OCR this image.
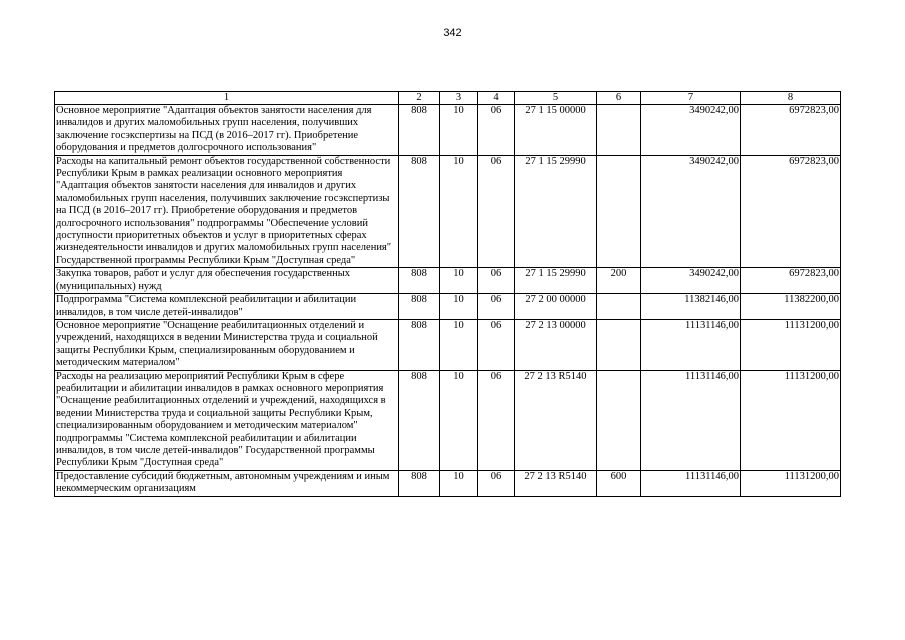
342
1	2	3	4	5	6	7	8
Основное мероприятие "Адаптация объектов занятости населения для инвалидов и других маломобильных групп населения, получивших заключение госэкспертизы на ПСД (в 2016–2017 гг). Приобретение оборудования и предметов долгосрочного использования"	808	10	06	27 1 15 00000		3490242,00	6972823,00
Расходы на капитальный ремонт объектов государственной собственности Республики Крым в рамках реализации основного мероприятия "Адаптация объектов занятости населения для инвалидов и других маломобильных групп населения, получивших заключение госэкспертизы на ПСД (в 2016–2017 гг). Приобретение оборудования и предметов долгосрочного использования" подпрограммы "Обеспечение условий доступности приоритетных объектов и услуг в приоритетных сферах жизнедеятельности инвалидов и других маломобильных групп населения" Государственной программы Республики Крым "Доступная среда"	808	10	06	27 1 15 29990		3490242,00	6972823,00
Закупка товаров, работ и услуг для обеспечения государственных (муниципальных) нужд	808	10	06	27 1 15 29990	200	3490242,00	6972823,00
Подпрограмма "Система комплексной реабилитации и абилитации инвалидов, в том числе детей-инвалидов"	808	10	06	27 2 00 00000		11382146,00	11382200,00
Основное мероприятие "Оснащение реабилитационных отделений и учреждений, находящихся в ведении Министерства труда и социальной защиты Республики Крым, специализированным оборудованием и методическим материалом"	808	10	06	27 2 13 00000		11131146,00	11131200,00
Расходы на реализацию мероприятий Республики Крым в сфере реабилитации и абилитации инвалидов в рамках основного мероприятия "Оснащение реабилитационных отделений и учреждений, находящихся в ведении Министерства труда и социальной защиты Республики Крым, специализированным оборудованием и методическим материалом" подпрограммы "Система комплексной реабилитации и абилитации инвалидов, в том числе детей-инвалидов" Государственной программы Республики Крым "Доступная среда"	808	10	06	27 2 13 R5140		11131146,00	11131200,00
Предоставление субсидий бюджетным, автономным учреждениям и иным некоммерческим организациям	808	10	06	27 2 13 R5140	600	11131146,00	11131200,00
